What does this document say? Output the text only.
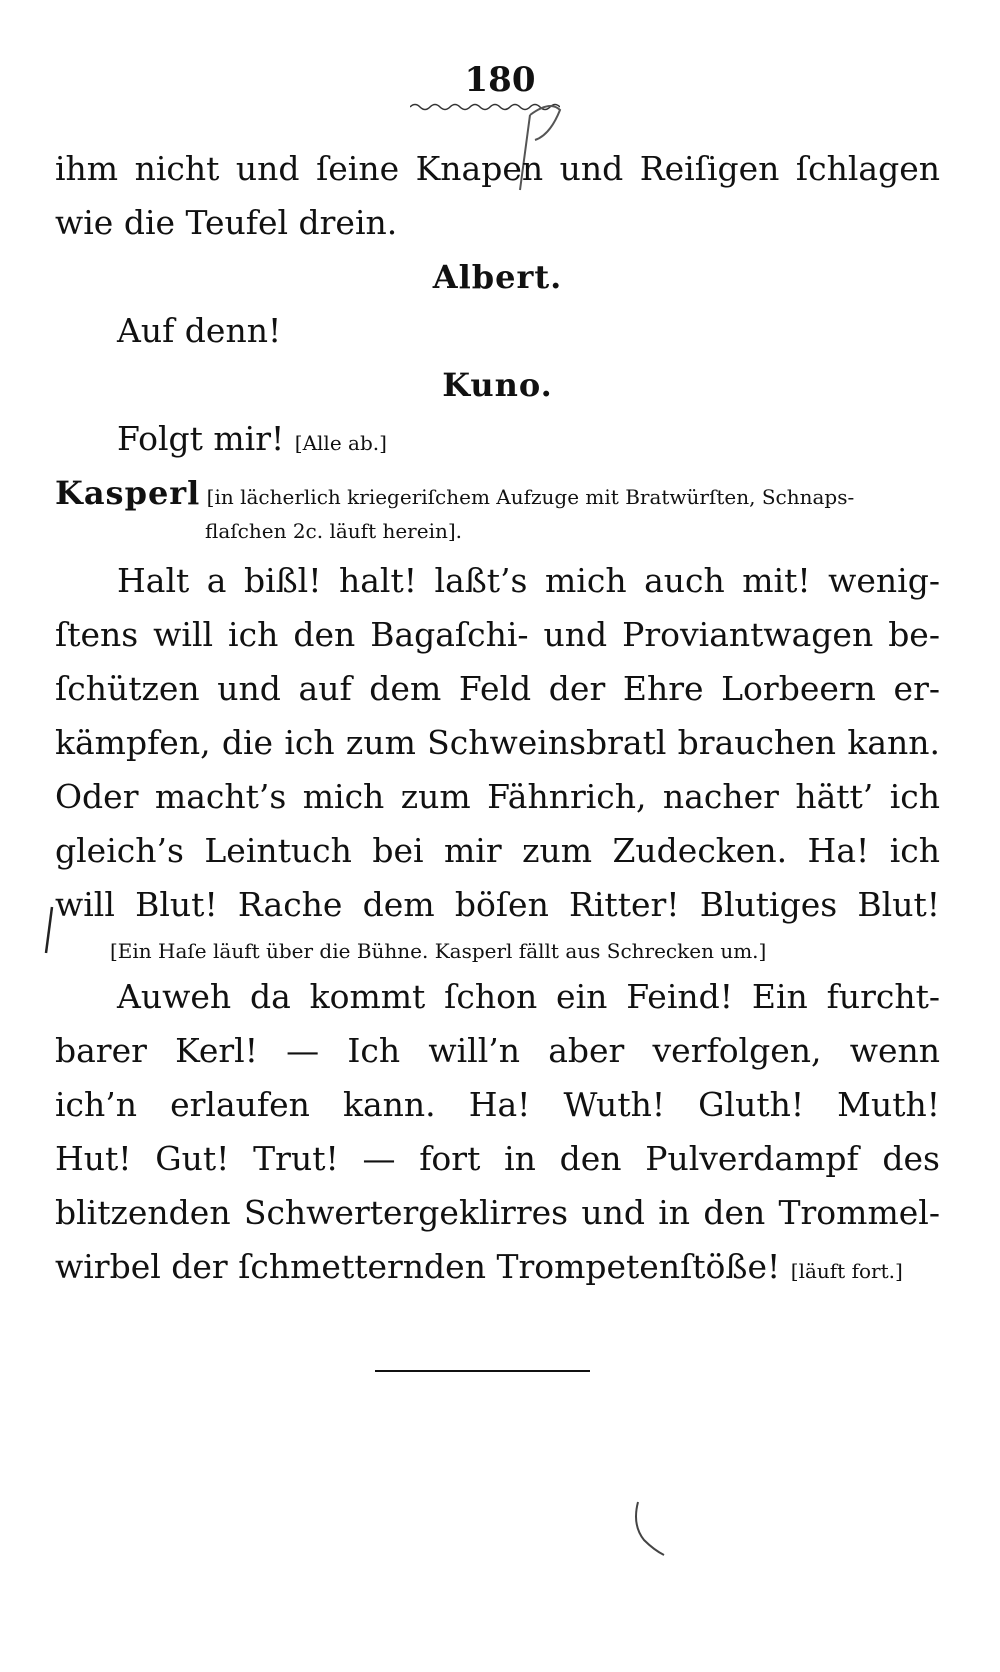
180
ihm nicht und ſeine Knapen und Reiſigen ſchlagen
wie die Teufel drein.
Albert.
Auf denn!
Kuno.
Folgt mir! [Alle ab.]
Kasperl [in lächerlich kriegeriſchem Aufzuge mit Bratwürſten, Schnaps-
flaſchen 2c. läuft herein].
Halt a bißl! halt! laßt’s mich auch mit! wenig-
ſtens will ich den Bagaſchi- und Proviantwagen be-
ſchützen und auf dem Feld der Ehre Lorbeern er-
kämpfen, die ich zum Schweinsbratl brauchen kann.
Oder macht’s mich zum Fähnrich, nacher hätt’ ich
gleich’s Leintuch bei mir zum Zudecken. Ha! ich
will Blut! Rache dem böſen Ritter! Blutiges Blut!
[Ein Haſe läuft über die Bühne. Kasperl fällt aus Schrecken um.]
Auweh da kommt ſchon ein Feind! Ein furcht-
barer Kerl! — Ich will’n aber verfolgen, wenn
ich’n erlaufen kann. Ha! Wuth! Gluth! Muth!
Hut! Gut! Trut! — fort in den Pulverdampf des
blitzenden Schwertergeklirres und in den Trommel-
wirbel der ſchmetternden Trompetenſtöße! [läuft fort.]
